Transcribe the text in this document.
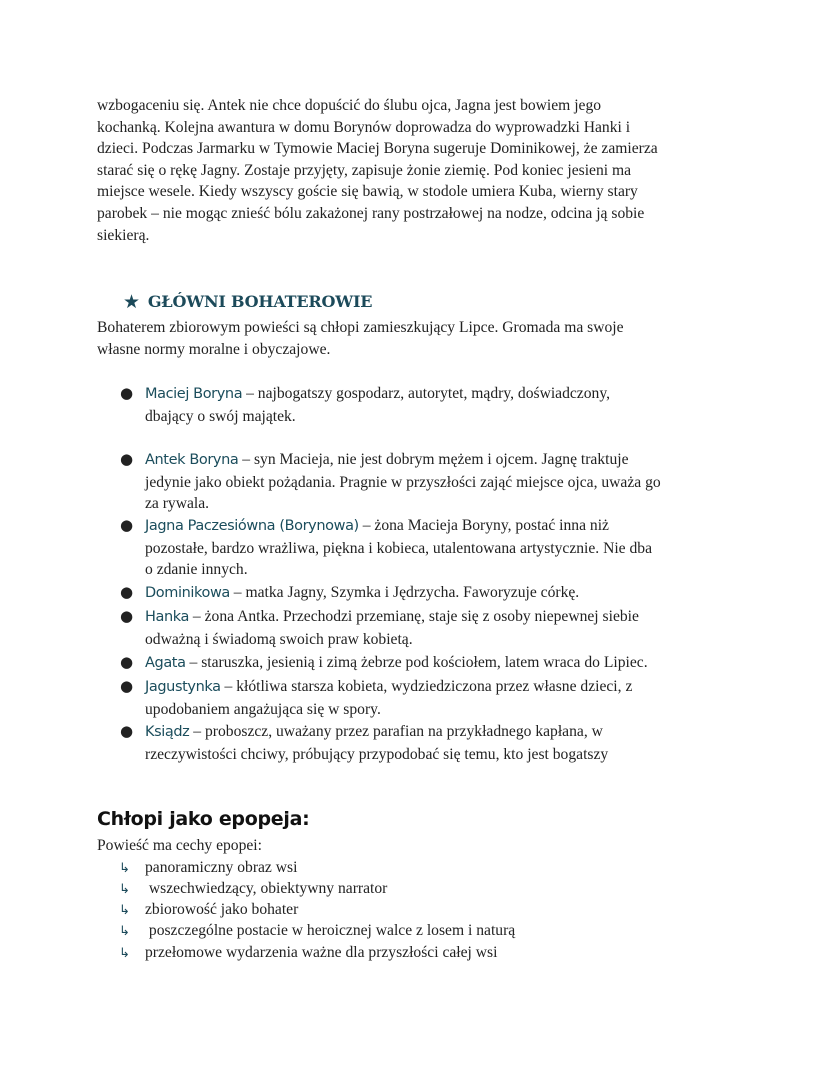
wzbogaceniu się. Antek nie chce dopuścić do ślubu ojca, Jagna jest bowiem jego
kochanką. Kolejna awantura w domu Borynów doprowadza do wyprowadzki Hanki i
dzieci. Podczas Jarmarku w Tymowie Maciej Boryna sugeruje Dominikowej, że zamierza
starać się o rękę Jagny. Zostaje przyjęty, zapisuje żonie ziemię. Pod koniec jesieni ma
miejsce wesele. Kiedy wszyscy goście się bawią, w stodole umiera Kuba, wierny stary
parobek – nie mogąc znieść bólu zakażonej rany postrzałowej na nodze, odcina ją sobie
siekierą.

★ GŁÓWNI BOHATEROWIE

Bohaterem zbiorowym powieści są chłopi zamieszkujący Lipce. Gromada ma swoje
własne normy moralne i obyczajowe.

● Maciej Boryna – najbogatszy gospodarz, autorytet, mądry, doświadczony,
dbający o swój majątek.
● Antek Boryna – syn Macieja, nie jest dobrym mężem i ojcem. Jagnę traktuje
jedynie jako obiekt pożądania. Pragnie w przyszłości zająć miejsce ojca, uważa go
za rywala.
● Jagna Paczesiówna (Borynowa) – żona Macieja Boryny, postać inna niż
pozostałe, bardzo wrażliwa, piękna i kobieca, utalentowana artystycznie. Nie dba
o zdanie innych.
● Dominikowa – matka Jagny, Szymka i Jędrzycha. Faworyzuje córkę.
● Hanka – żona Antka. Przechodzi przemianę, staje się z osoby niepewnej siebie
odważną i świadomą swoich praw kobietą.
● Agata – staruszka, jesienią i zimą żebrze pod kościołem, latem wraca do Lipiec.
● Jagustynka – kłótliwa starsza kobieta, wydziedziczona przez własne dzieci, z
upodobaniem angażująca się w spory.
● Ksiądz – proboszcz, uważany przez parafian na przykładnego kapłana, w
rzeczywistości chciwy, próbujący przypodobać się temu, kto jest bogatszy
Chłopi jako epopeja:

Powieść ma cechy epopei:

↳ panoramiczny obraz wsi
↳ wszechwiedzący, obiektywny narrator
↳ zbiorowość jako bohater
↳ poszczególne postacie w heroicznej walce z losem i naturą
↳ przełomowe wydarzenia ważne dla przyszłości całej wsi
